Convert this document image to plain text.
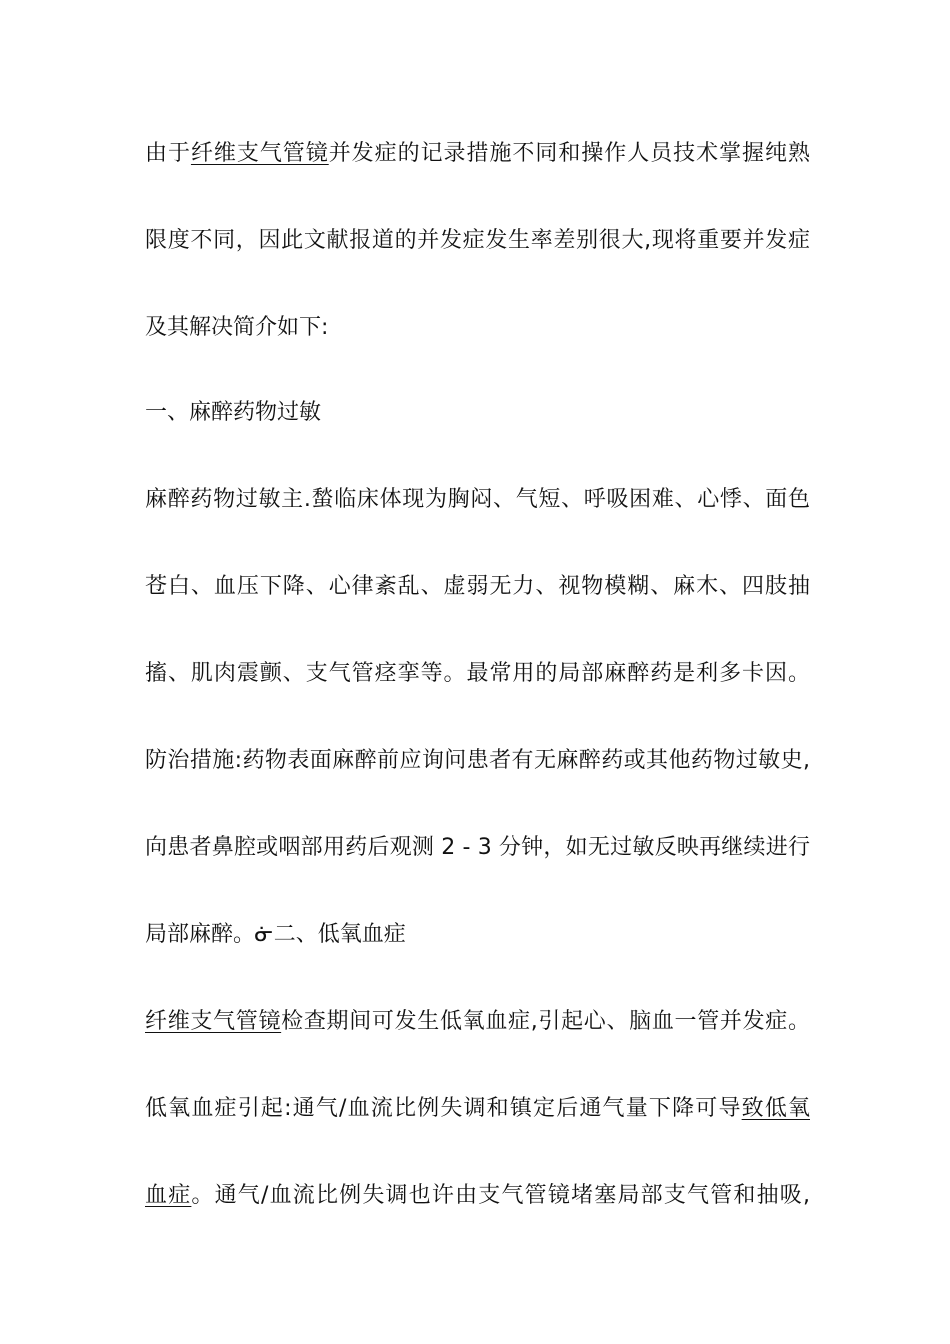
由于纤维支气管镜并发症的记录措施不同和操作人员技术掌握纯熟
限度不同，因此文献报道的并发症发生率差别很大,现将重要并发症
及其解决简介如下:
一、麻醉药物过敏
麻醉药物过敏主.蝵临床体现为胸闷、气短、呼吸困难、心悸、面色
苍白、血压下降、心律紊乱、虚弱无力、视物模糊、麻木、四肢抽
搐、肌肉震颤、支气管痉挛等。最常用的局部麻醉药是利多卡因。
防治措施:药物表面麻醉前应询问患者有无麻醉药或其他药物过敏史,
向患者鼻腔或咽部用药后观测 2 - 3 分钟，如无过敏反映再继续进行
局部麻醉。ᓃ二、低氧血症
纤维支气管镜检查期间可发生低氧血症,引起心、脑血一管并发症。
低氧血症引起:通气/血流比例失调和镇定后通气量下降可导致低氧
血症。通气/血流比例失调也许由支气管镜堵塞局部支气管和抽吸,
